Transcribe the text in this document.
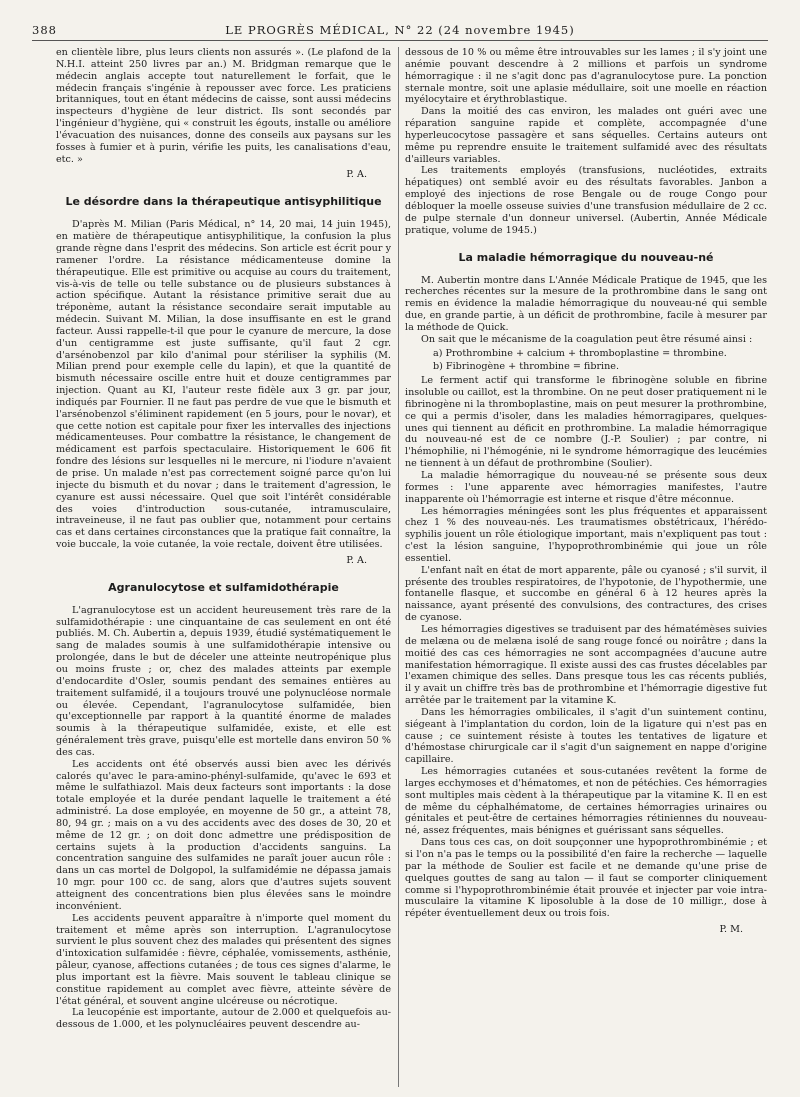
388	LE PROGRÈS MÉDICAL, N° 22 (24 novembre 1945)

en clientèle libre, plus leurs clients non assurés ». (Le plafond de la N.H.I. atteint 250 livres par an.) M. Bridgman remarque que le médecin anglais accepte tout naturellement le forfait, que le médecin français s'ingénie à repousser avec force. Les praticiens britanniques, tout en étant médecins de caisse, sont aussi médecins inspecteurs d'hygiène de leur district. Ils sont secondés par l'ingénieur d'hygiène, qui « construit les égouts, installe ou améliore l'évacuation des nuisances, donne des conseils aux paysans sur les fosses à fumier et à purin, vérifie les puits, les canalisations d'eau, etc. »

P. A.

Le désordre dans la thérapeutique antisyphilitique

D'après M. Milian (Paris Médical, n° 14, 20 mai, 14 juin 1945), en matière de thérapeutique antisyphilitique, la confusion la plus grande règne dans l'esprit des médecins. Son article est écrit pour y ramener l'ordre. La résistance médicamenteuse domine la thérapeutique. Elle est primitive ou acquise au cours du traitement, vis-à-vis de telle ou telle substance ou de plusieurs substances à action spécifique. Autant la résistance primitive serait due au tréponème, autant la résistance secondaire serait imputable au médecin. Suivant M. Milian, la dose insuffisante en est le grand facteur. Aussi rappelle-t-il que pour le cyanure de mercure, la dose d'un centigramme est juste suffisante, qu'il faut 2 cgr. d'arsénobenzol par kilo d'animal pour stériliser la syphilis (M. Milian prend pour exemple celle du lapin), et que la quantité de bismuth nécessaire oscille entre huit et douze centigrammes par injection. Quant au KI, l'auteur reste fidèle aux 3 gr. par jour, indiqués par Fournier. Il ne faut pas perdre de vue que le bismuth et l'arsénobenzol s'éliminent rapidement (en 5 jours, pour le novar), et que cette notion est capitale pour fixer les intervalles des injections médicamenteuses. Pour combattre la résistance, le changement de médicament est parfois spectaculaire. Historiquement le 606 fit fondre des lésions sur lesquelles ni le mercure, ni l'iodure n'avaient de prise. Un malade n'est pas correctement soigné parce qu'on lui injecte du bismuth et du novar ; dans le traitement d'agression, le cyanure est aussi nécessaire. Quel que soit l'intérêt considérable des voies d'introduction sous-cutanée, intramusculaire, intraveineuse, il ne faut pas oublier que, notamment pour certains cas et dans certaines circonstances que la pratique fait connaître, la voie buccale, la voie cutanée, la voie rectale, doivent être utilisées.

P. A.

Agranulocytose et sulfamidothérapie

L'agranulocytose est un accident heureusement très rare de la sulfamidothérapie : une cinquantaine de cas seulement en ont été publiés. M. Ch. Aubertin a, depuis 1939, étudié systématiquement le sang de malades soumis à une sulfamidothérapie intensive ou prolongée, dans le but de déceler une atteinte neutropénique plus ou moins fruste ; or, chez des malades atteints par exemple d'endocardite d'Osler, soumis pendant des semaines entières au traitement sulfamidé, il a toujours trouvé une polynucléose normale ou élevée. Cependant, l'agranulocytose sulfamidée, bien qu'exceptionnelle par rapport à la quantité énorme de malades soumis à la thérapeutique sulfamidée, existe, et elle est généralement très grave, puisqu'elle est mortelle dans environ 50 % des cas.

Les accidents ont été observés aussi bien avec les dérivés calorés qu'avec le para-amino-phényl-sulfamide, qu'avec le 693 et même le sulfathiazol. Mais deux facteurs sont importants : la dose totale employée et la durée pendant laquelle le traitement a été administré. La dose employée, en moyenne de 50 gr., a atteint 78, 80, 94 gr. ; mais on a vu des accidents avec des doses de 30, 20 et même de 12 gr. ; on doit donc admettre une prédisposition de certains sujets à la production d'accidents sanguins. La concentration sanguine des sulfamides ne paraît jouer aucun rôle : dans un cas mortel de Dolgopol, la sulfamidémie ne dépassa jamais 10 mgr. pour 100 cc. de sang, alors que d'autres sujets souvent atteignent des concentrations bien plus élevées sans le moindre inconvénient.

Les accidents peuvent apparaître à n'importe quel moment du traitement et même après son interruption. L'agranulocytose survient le plus souvent chez des malades qui présentent des signes d'intoxication sulfamidée : fièvre, céphalée, vomissements, asthénie, pâleur, cyanose, affections cutanées ; de tous ces signes d'alarme, le plus important est la fièvre. Mais souvent le tableau clinique se constitue rapidement au complet avec fièvre, atteinte sévère de l'état général, et souvent angine ulcéreuse ou nécrotique.

La leucopénie est importante, autour de 2.000 et quelquefois au-dessous de 1.000, et les polynucléaires peuvent descendre au-

dessous de 10 % ou même être introuvables sur les lames ; il s'y joint une anémie pouvant descendre à 2 millions et parfois un syndrome hémorragique : il ne s'agit donc pas d'agranulocytose pure. La ponction sternale montre, soit une aplasie médullaire, soit une moelle en réaction myélocytaire et érythroblastique.

Dans la moitié des cas environ, les malades ont guéri avec une réparation sanguine rapide et complète, accompagnée d'une hyperleucocytose passagère et sans séquelles. Certains auteurs ont même pu reprendre ensuite le traitement sulfamidé avec des résultats d'ailleurs variables.

Les traitements employés (transfusions, nucléotides, extraits hépatiques) ont semblé avoir eu des résultats favorables. Janbon a employé des injections de rose Bengale ou de rouge Congo pour débloquer la moelle osseuse suivies d'une transfusion médullaire de 2 cc. de pulpe sternale d'un donneur universel. (Aubertin, Année Médicale pratique, volume de 1945.)

La maladie hémorragique du nouveau-né

M. Aubertin montre dans L'Année Médicale Pratique de 1945, que les recherches récentes sur la mesure de la prothrombine dans le sang ont remis en évidence la maladie hémorragique du nouveau-né qui semble due, en grande partie, à un déficit de prothrombine, facile à mesurer par la méthode de Quick.

On sait que le mécanisme de la coagulation peut être résumé ainsi :

a) Prothrombine + calcium + thromboplastine = thrombine.

b) Fibrinogène + thrombine = fibrine.

Le ferment actif qui transforme le fibrinogène soluble en fibrine insoluble ou caillot, est la thrombine. On ne peut doser pratiquement ni le fibrinogène ni la thromboplastine, mais on peut mesurer la prothrombine, ce qui a permis d'isoler, dans les maladies hémorragipares, quelques-unes qui tiennent au déficit en prothrombine. La maladie hémorragique du nouveau-né est de ce nombre (J.-P. Soulier) ; par contre, ni l'hémophilie, ni l'hémogénie, ni le syndrome hémorragique des leucémies ne tiennent à un défaut de prothrombine (Soulier).

La maladie hémorragique du nouveau-né se présente sous deux formes : l'une apparente avec hémorragies manifestes, l'autre inapparente où l'hémorragie est interne et risque d'être méconnue.

Les hémorragies méningées sont les plus fréquentes et apparaissent chez 1 % des nouveau-nés. Les traumatismes obstétricaux, l'hérédo-syphilis jouent un rôle étiologique important, mais n'expliquent pas tout : c'est la lésion sanguine, l'hypoprothrombinémie qui joue un rôle essentiel.

L'enfant naît en état de mort apparente, pâle ou cyanosé ; s'il survit, il présente des troubles respiratoires, de l'hypotonie, de l'hypothermie, une fontanelle flasque, et succombe en général 6 à 12 heures après la naissance, ayant présenté des convulsions, des contractures, des crises de cyanose.

Les hémorragies digestives se traduisent par des hématémèses suivies de melæna ou de melæna isolé de sang rouge foncé ou noirâtre ; dans la moitié des cas ces hémorragies ne sont accompagnées d'aucune autre manifestation hémorragique. Il existe aussi des cas frustes décelables par l'examen chimique des selles. Dans presque tous les cas récents publiés, il y avait un chiffre très bas de prothrombine et l'hémorragie digestive fut arrêtée par le traitement par la vitamine K.

Dans les hémorragies ombilicales, il s'agit d'un suintement continu, siégeant à l'implantation du cordon, loin de la ligature qui n'est pas en cause ; ce suintement résiste à toutes les tentatives de ligature et d'hémostase chirurgicale car il s'agit d'un saignement en nappe d'origine capillaire.

Les hémorragies cutanées et sous-cutanées revêtent la forme de larges ecchymoses et d'hématomes, et non de pétéchies. Ces hémorragies sont multiples mais cèdent à la thérapeutique par la vitamine K. Il en est de même du céphalhématome, de certaines hémorragies urinaires ou génitales et peut-être de certaines hémorragies rétiniennes du nouveau-né, assez fréquentes, mais bénignes et guérissant sans séquelles.

Dans tous ces cas, on doit soupçonner une hypoprothrombinémie ; et si l'on n'a pas le temps ou la possibilité d'en faire la recherche — laquelle par la méthode de Soulier est facile et ne demande qu'une prise de quelques gouttes de sang au talon — il faut se comporter cliniquement comme si l'hypoprothrombinémie était prouvée et injecter par voie intra-musculaire la vitamine K liposoluble à la dose de 10 milligr., dose à répéter éventuellement deux ou trois fois.

P. M.
